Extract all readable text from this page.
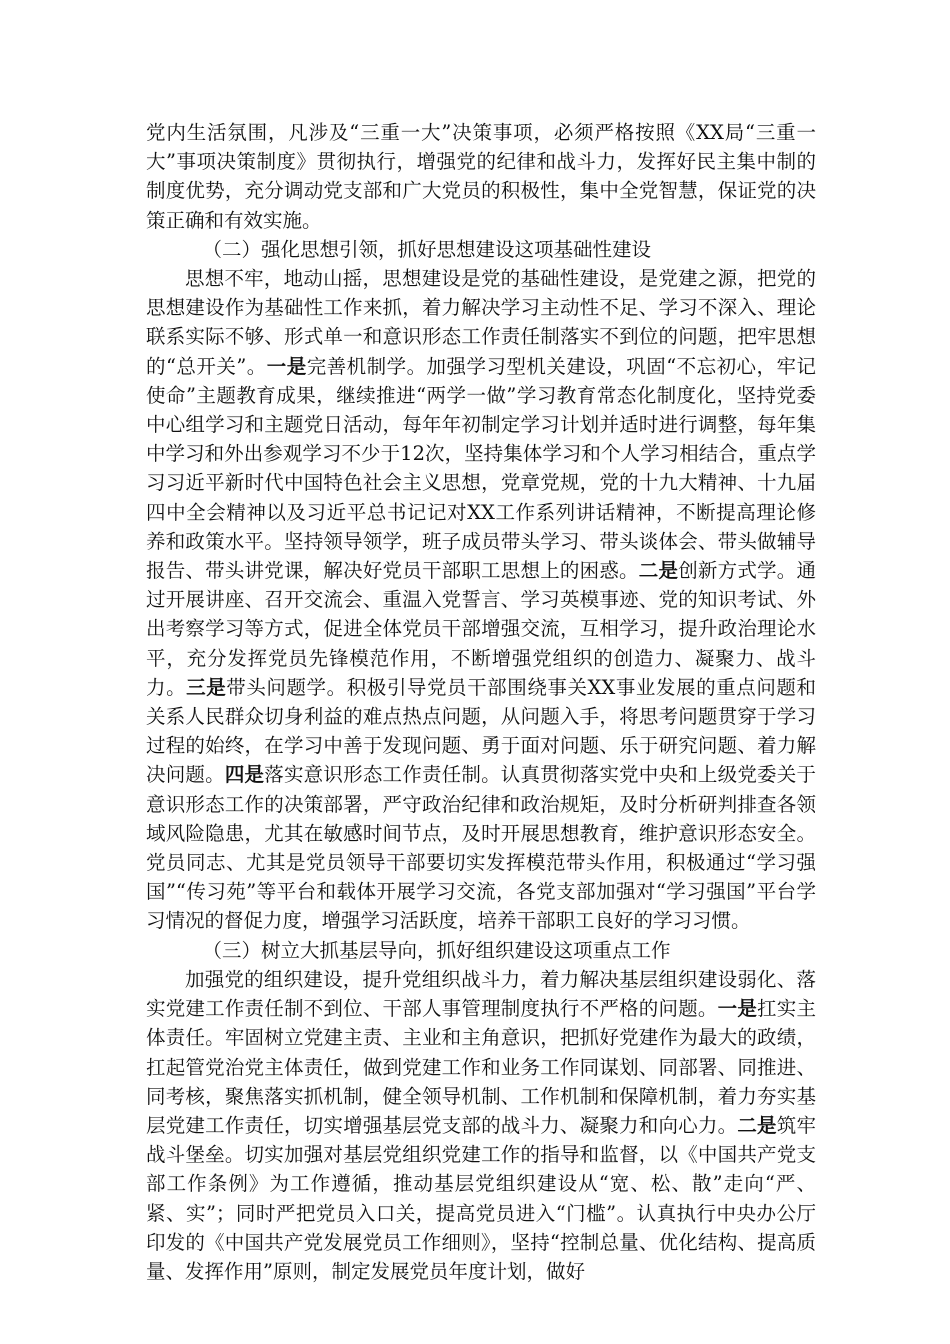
党内生活氛围，凡涉及“三重一大”决策事项，必须严格按照《XX局“三重一大”事项决策制度》贯彻执行，增强党的纪律和战斗力，发挥好民主集中制的制度优势，充分调动党支部和广大党员的积极性，集中全党智慧，保证党的决策正确和有效实施。

（二）强化思想引领，抓好思想建设这项基础性建设

思想不牢，地动山摇，思想建设是党的基础性建设，是党建之源，把党的思想建设作为基础性工作来抓，着力解决学习主动性不足、学习不深入、理论联系实际不够、形式单一和意识形态工作责任制落实不到位的问题，把牢思想的“总开关”。一是完善机制学。加强学习型机关建设，巩固“不忘初心，牢记使命”主题教育成果，继续推进“两学一做”学习教育常态化制度化，坚持党委中心组学习和主题党日活动，每年年初制定学习计划并适时进行调整，每年集中学习和外出参观学习不少于12次，坚持集体学习和个人学习相结合，重点学习习近平新时代中国特色社会主义思想，党章党规，党的十九大精神、十九届四中全会精神以及习近平总书记记对XX工作系列讲话精神，不断提高理论修养和政策水平。坚持领导领学，班子成员带头学习、带头谈体会、带头做辅导报告、带头讲党课，解决好党员干部职工思想上的困惑。二是创新方式学。通过开展讲座、召开交流会、重温入党誓言、学习英模事迹、党的知识考试、外出考察学习等方式，促进全体党员干部增强交流，互相学习，提升政治理论水平，充分发挥党员先锋模范作用，不断增强党组织的创造力、凝聚力、战斗力。三是带头问题学。积极引导党员干部围绕事关XX事业发展的重点问题和关系人民群众切身利益的难点热点问题，从问题入手，将思考问题贯穿于学习过程的始终，在学习中善于发现问题、勇于面对问题、乐于研究问题、着力解决问题。四是落实意识形态工作责任制。认真贯彻落实党中央和上级党委关于意识形态工作的决策部署，严守政治纪律和政治规矩，及时分析研判排查各领域风险隐患，尤其在敏感时间节点，及时开展思想教育，维护意识形态安全。党员同志、尤其是党员领导干部要切实发挥模范带头作用，积极通过“学习强国”“传习苑”等平台和载体开展学习交流，各党支部加强对“学习强国”平台学习情况的督促力度，增强学习活跃度，培养干部职工良好的学习习惯。

（三）树立大抓基层导向，抓好组织建设这项重点工作

加强党的组织建设，提升党组织战斗力，着力解决基层组织建设弱化、落实党建工作责任制不到位、干部人事管理制度执行不严格的问题。一是扛实主体责任。牢固树立党建主责、主业和主角意识，把抓好党建作为最大的政绩，扛起管党治党主体责任，做到党建工作和业务工作同谋划、同部署、同推进、同考核，聚焦落实抓机制，健全领导机制、工作机制和保障机制，着力夯实基层党建工作责任，切实增强基层党支部的战斗力、凝聚力和向心力。二是筑牢战斗堡垒。切实加强对基层党组织党建工作的指导和监督，以《中国共产党支部工作条例》为工作遵循，推动基层党组织建设从“宽、松、散”走向“严、紧、实”；同时严把党员入口关，提高党员进入“门槛”。认真执行中央办公厅印发的《中国共产党发展党员工作细则》，坚持“控制总量、优化结构、提高质量、发挥作用”原则，制定发展党员年度计划，做好
